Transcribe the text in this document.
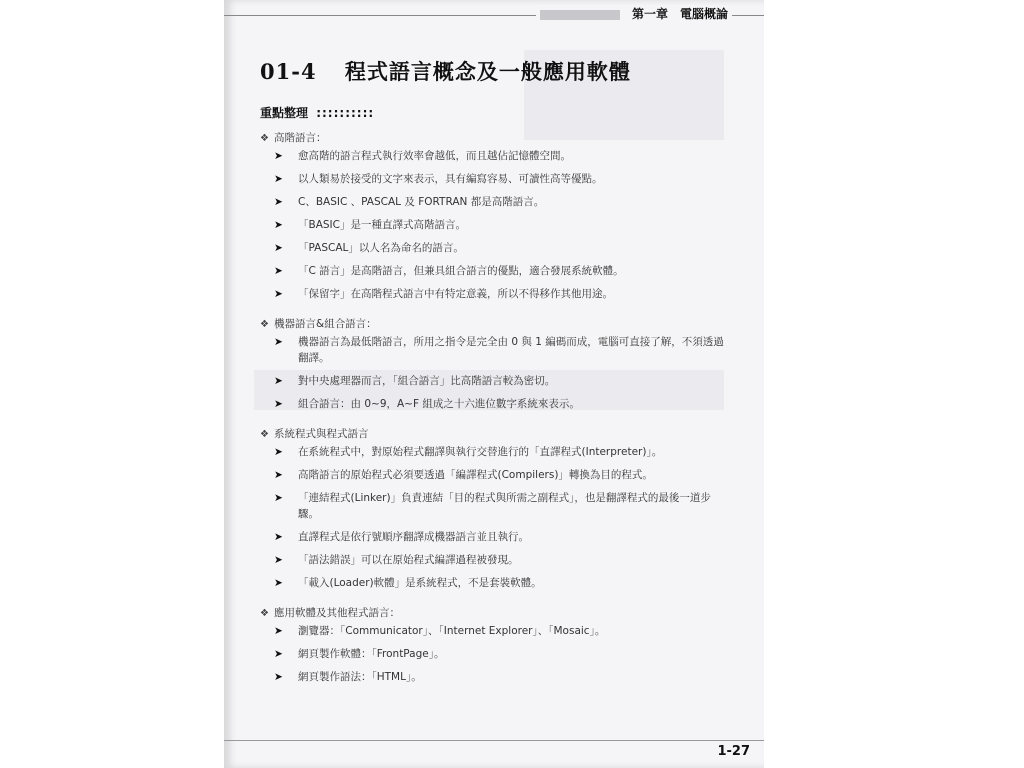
第一章　電腦概論
01-4 程式語言概念及一般應用軟體
重點整理 ::::::::::
❖ 高階語言：
➤	愈高階的語言程式執行效率會越低，而且越佔記憶體空間。
➤	以人類易於接受的文字來表示，具有編寫容易、可讀性高等優點。
➤	C、BASIC 、PASCAL 及 FORTRAN 都是高階語言。
➤	「BASIC」是一種直譯式高階語言。
➤	「PASCAL」以人名為命名的語言。
➤	「C 語言」是高階語言，但兼具組合語言的優點，適合發展系統軟體。
➤	「保留字」在高階程式語言中有特定意義，所以不得移作其他用途。
❖ 機器語言&組合語言：
➤	機器語言為最低階語言，所用之指令是完全由 0 與 1 編碼而成，電腦可直接了解，不須透過翻譯。
➤	對中央處理器而言，「組合語言」比高階語言較為密切。
➤	組合語言：由 0~9，A~F 組成之十六進位數字系統來表示。
❖ 系統程式與程式語言
➤	在系統程式中，對原始程式翻譯與執行交替進行的「直譯程式(Interpreter)」。
➤	高階語言的原始程式必須要透過「編譯程式(Compilers)」轉換為目的程式。
➤	「連結程式(Linker)」負責連結「目的程式與所需之副程式」，也是翻譯程式的最後一道步驟。
➤	直譯程式是依行號順序翻譯成機器語言並且執行。
➤	「語法錯誤」可以在原始程式編譯過程被發現。
➤	「載入(Loader)軟體」是系統程式，不是套裝軟體。
❖ 應用軟體及其他程式語言：
➤	瀏覽器：「Communicator」、「Internet Explorer」、「Mosaic」。
➤	網頁製作軟體：「FrontPage」。
➤	網頁製作語法：「HTML」。
1-27
